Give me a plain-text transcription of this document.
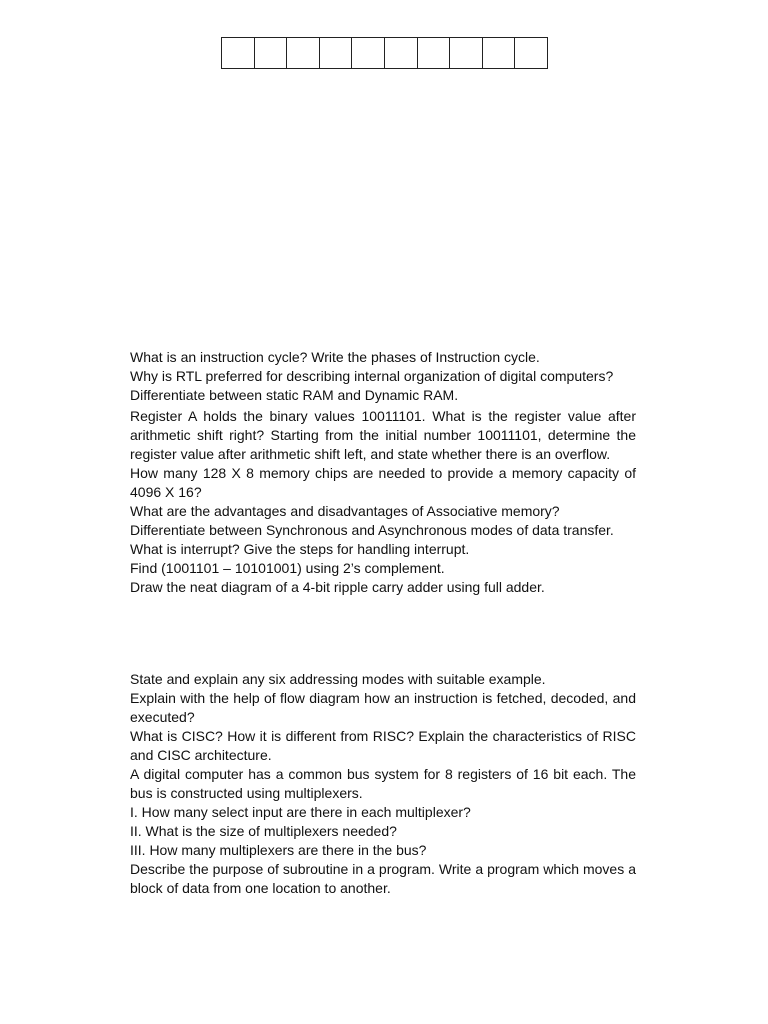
What is an instruction cycle? Write the phases of Instruction cycle.

Why is RTL preferred for describing internal organization of digital computers?

Differentiate between static RAM and Dynamic RAM.

Register A holds the binary values 10011101. What is the register value after arithmetic shift right? Starting from the initial number 10011101, determine the register value after arithmetic shift left, and state whether there is an overflow.

How many 128 X 8 memory chips are needed to provide a memory capacity of 4096 X 16?

What are the advantages and disadvantages of Associative memory?

Differentiate between Synchronous and Asynchronous modes of data transfer.

What is interrupt? Give the steps for handling interrupt.

Find (1001101 – 10101001) using 2’s complement.

Draw the neat diagram of a 4-bit ripple carry adder using full adder.

State and explain any six addressing modes with suitable example.

Explain with the help of flow diagram how an instruction is fetched, decoded, and executed?

What is CISC? How it is different from RISC? Explain the characteristics of RISC and CISC architecture.

A digital computer has a common bus system for 8 registers of 16 bit each. The bus is constructed using multiplexers.

I. How many select input are there in each multiplexer?

II. What is the size of multiplexers needed?

III. How many multiplexers are there in the bus?

Describe the purpose of subroutine in a program. Write a program which moves a block of data from one location to another.
